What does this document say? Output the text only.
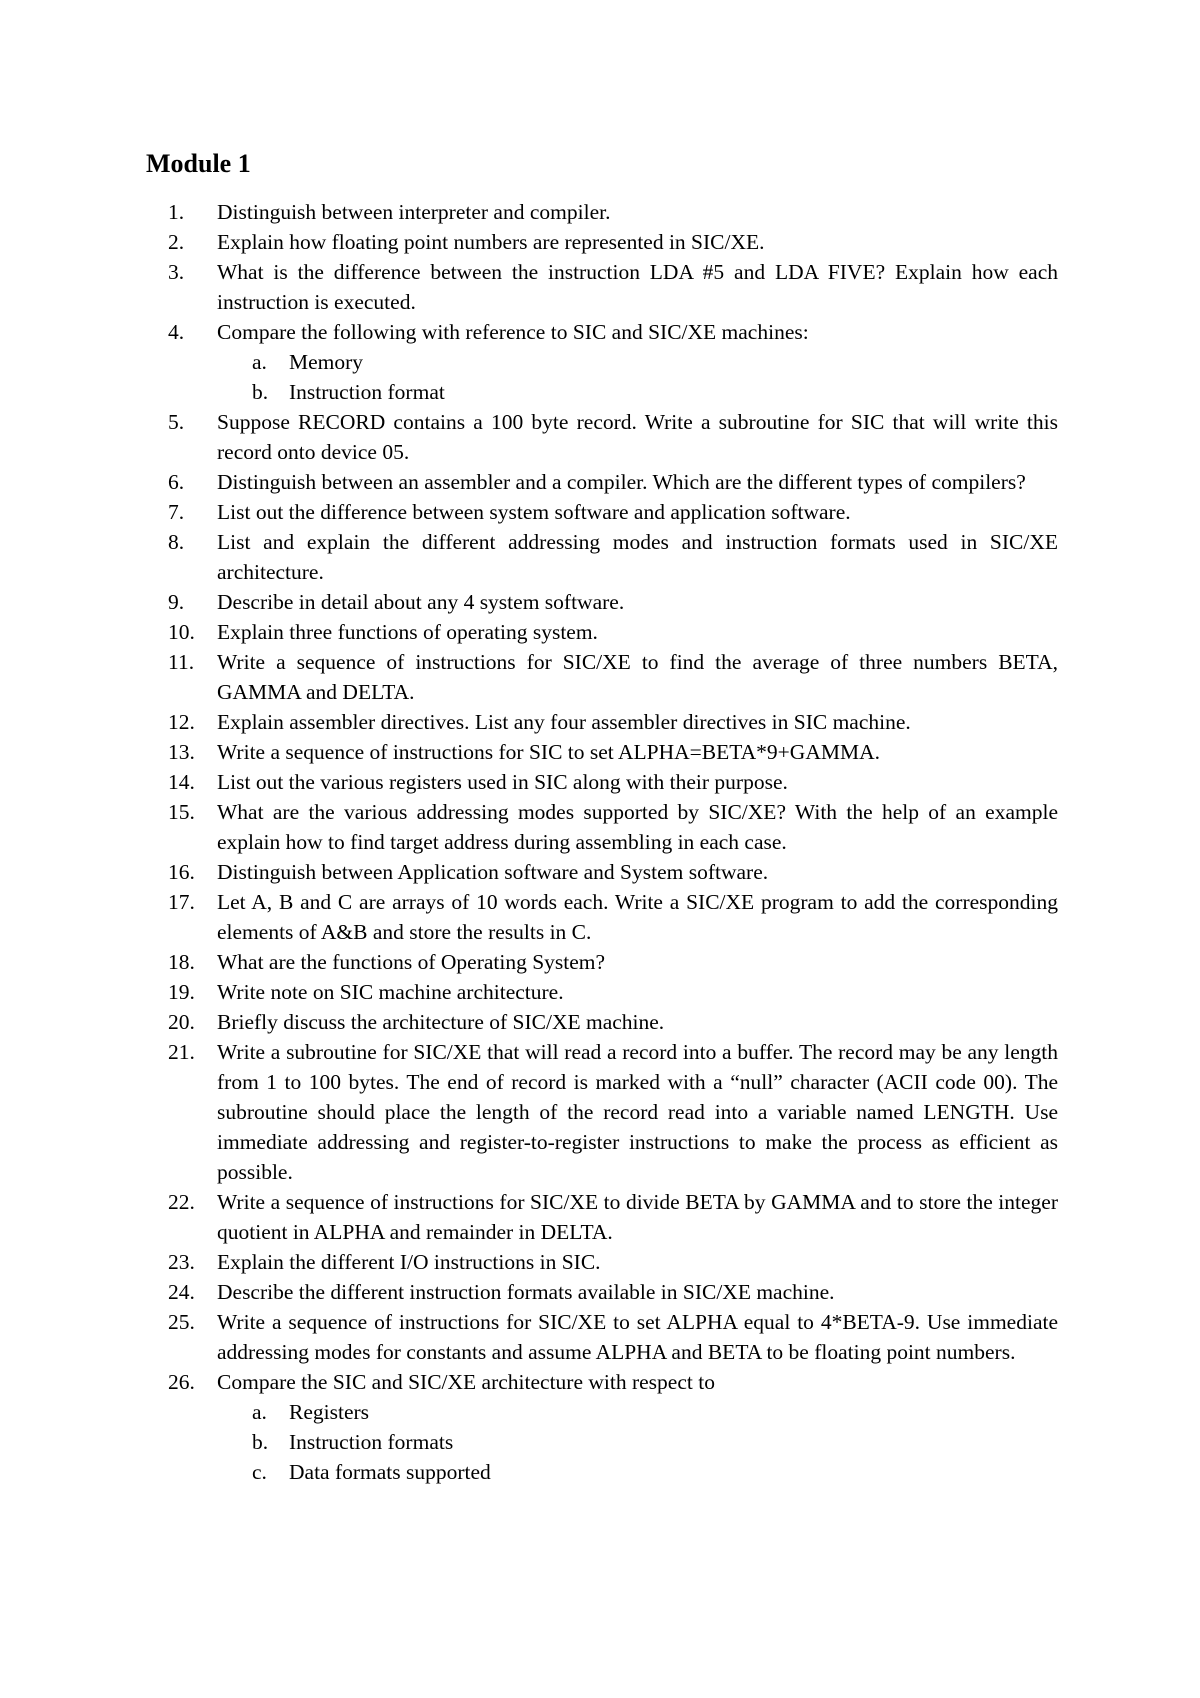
Module 1
1.	Distinguish between interpreter and compiler.
2.	Explain how floating point numbers are represented in SIC/XE.
3.	What is the difference between the instruction LDA #5 and LDA FIVE? Explain how each instruction is executed.
4.	Compare the following with reference to SIC and SIC/XE machines:
a.	Memory
b. Instruction format
5.	Suppose RECORD contains a 100 byte record. Write a subroutine for SIC that will write this record onto device 05.
6.	Distinguish between an assembler and a compiler. Which are the different types of compilers?
7.	List out the difference between system software and application software.
8.	List and explain the different addressing modes and instruction formats used in SIC/XE architecture.
9.	Describe in detail about any 4 system software.
10.	Explain three functions of operating system.
11.	Write a sequence of instructions for SIC/XE to find the average of three numbers BETA, GAMMA and DELTA.
12.	Explain assembler directives. List any four assembler directives in SIC machine.
13.	Write a sequence of instructions for SIC to set ALPHA=BETA*9+GAMMA.
14.	List out the various registers used in SIC along with their purpose.
15.	What are the various addressing modes supported by SIC/XE? With the help of an example explain how to find target address during assembling in each case.
16.	Distinguish between Application software and System software.
17.	Let A, B and C are arrays of 10 words each. Write a SIC/XE program to add the corresponding elements of A&B and store the results in C.
18.	What are the functions of Operating System?
19.	Write note on SIC machine architecture.
20.	Briefly discuss the architecture of SIC/XE machine.
21.	Write a subroutine for SIC/XE that will read a record into a buffer. The record may be any length from 1 to 100 bytes. The end of record is marked with a “null” character (ACII code 00). The subroutine should place the length of the record read into a variable named LENGTH. Use immediate addressing and register-to-register instructions to make the process as efficient as possible.
22.	Write a sequence of instructions for SIC/XE to divide BETA by GAMMA and to store the integer quotient in ALPHA and remainder in DELTA.
23.	Explain the different I/O instructions in SIC.
24.	Describe the different instruction formats available in SIC/XE machine.
25.	Write a sequence of instructions for SIC/XE to set ALPHA equal to 4*BETA-9. Use immediate addressing modes for constants and assume ALPHA and BETA to be floating point numbers.
26.	Compare the SIC and SIC/XE architecture with respect to
a.	Registers
b. Instruction formats
c.	Data formats supported
